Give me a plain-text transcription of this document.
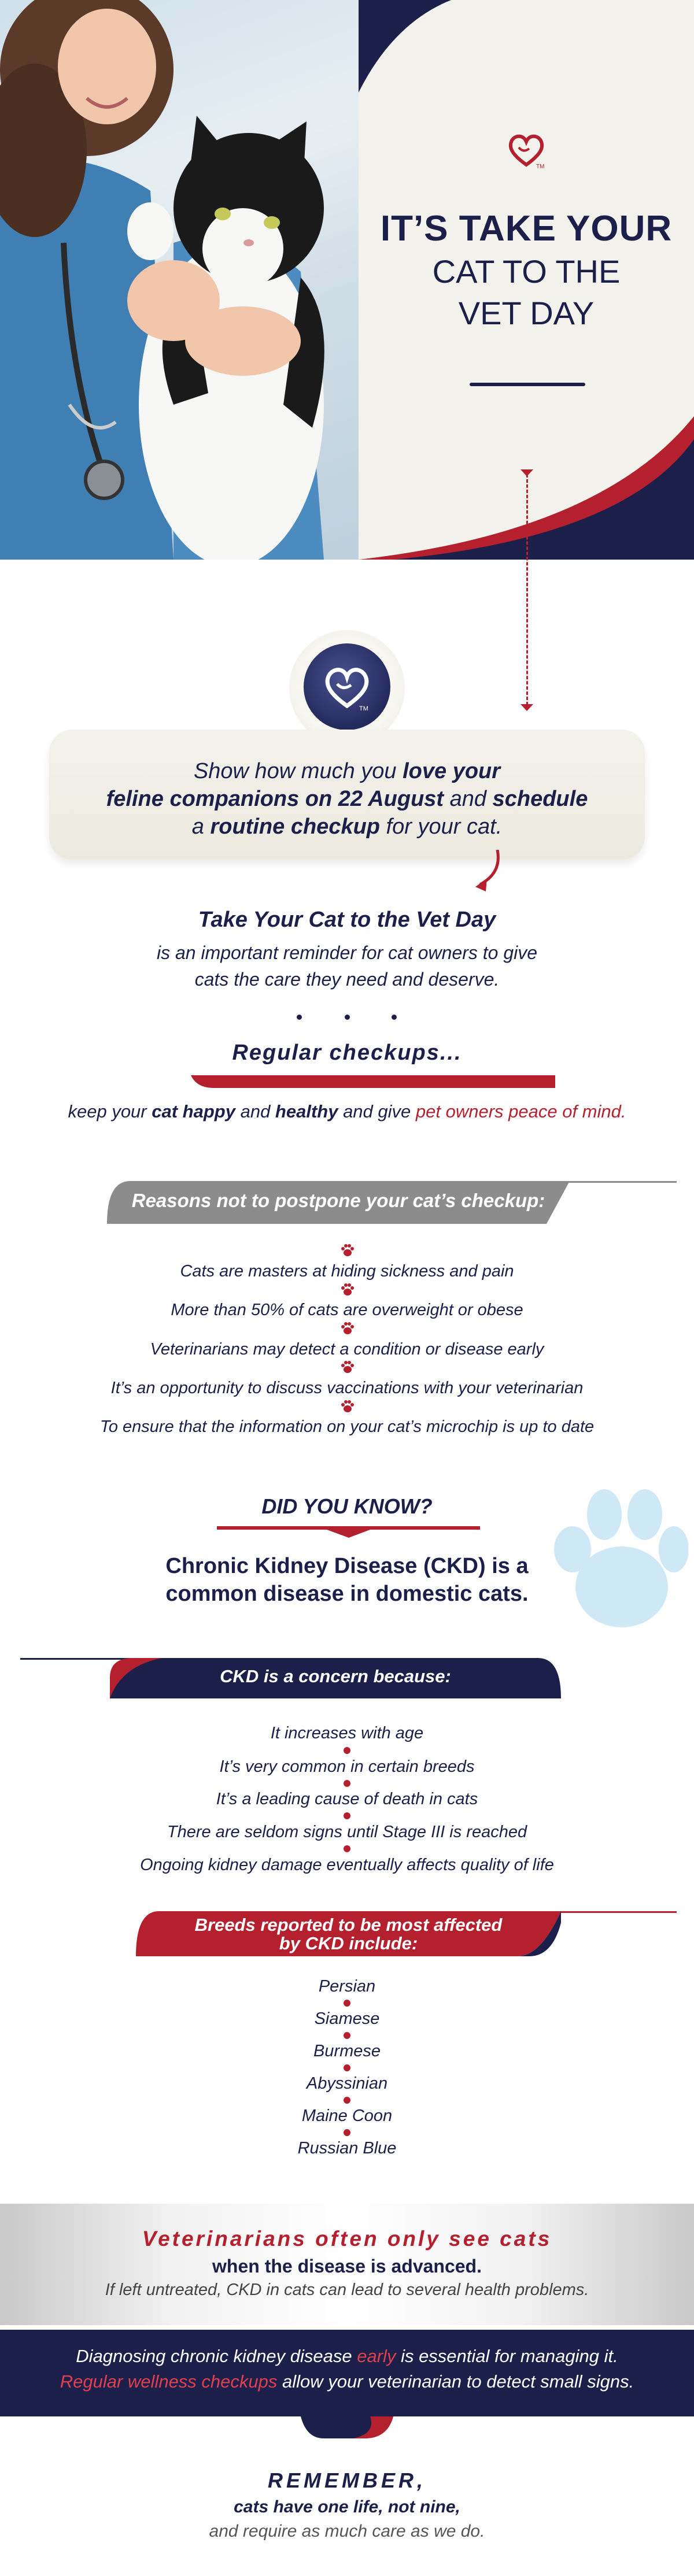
TM
IT’S TAKE YOUR
CAT TO THE
VET DAY
TM
Show how much you love your
feline companions on 22 August and schedule
a routine checkup for your cat.
Take Your Cat to the Vet Day
is an important reminder for cat owners to give
cats the care they need and deserve.
Regular checkups...
keep your cat happy and healthy and give pet owners peace of mind.
Reasons not to postpone your cat’s checkup:
Cats are masters at hiding sickness and pain
More than 50% of cats are overweight or obese
Veterinarians may detect a condition or disease early
It’s an opportunity to discuss vaccinations with your veterinarian
To ensure that the information on your cat’s microchip is up to date
DID YOU KNOW?
Chronic Kidney Disease (CKD) is a
common disease in domestic cats.
CKD is a concern because:
It increases with age
It’s very common in certain breeds
It’s a leading cause of death in cats
There are seldom signs until Stage III is reached
Ongoing kidney damage eventually affects quality of life
Breeds reported to be most affected
by CKD include:
Persian
Siamese
Burmese
Abyssinian
Maine Coon
Russian Blue
Veterinarians often only see cats
when the disease is advanced.
If left untreated, CKD in cats can lead to several health problems.
Diagnosing chronic kidney disease early is essential for managing it.
Regular wellness checkups allow your veterinarian to detect small signs.
REMEMBER,
cats have one life, not nine,
and require as much care as we do.
